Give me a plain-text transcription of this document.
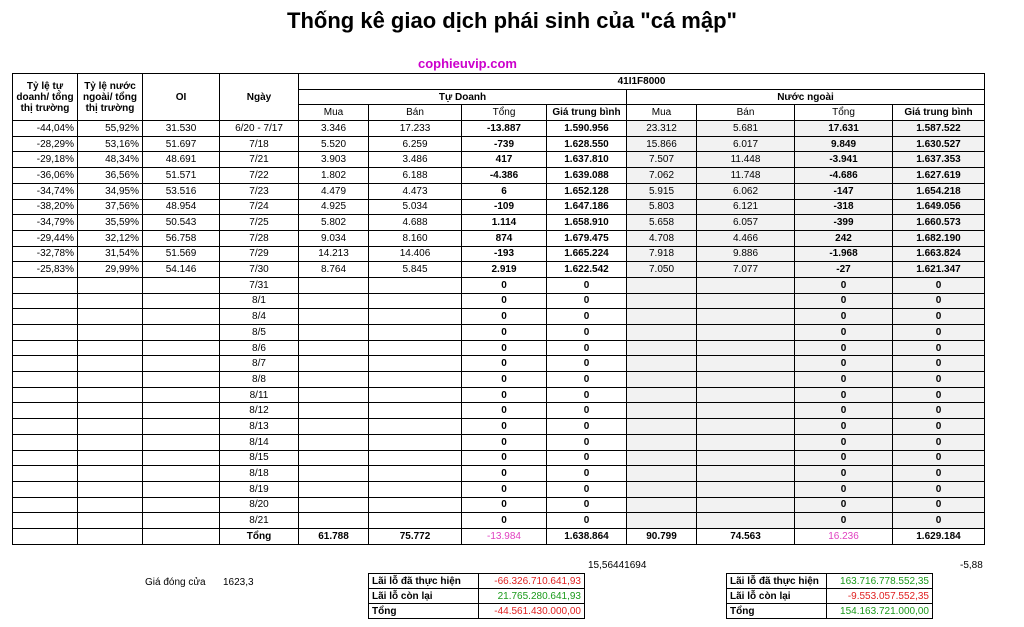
Thống kê giao dịch phái sinh của "cá mập"
cophieuvip.com
Tỷ lệ tự doanh/ tổng thị trường	Tỷ lệ nước ngoài/ tổng thị trường	OI	Ngày	41I1F8000							
				Tự Doanh				Nước ngoài			
				Mua	Bán	Tổng	Giá trung bình	Mua	Bán	Tổng	Giá trung bình
-44,04%	55,92%	31.530	6/20 - 7/17	3.346	17.233	-13.887	1.590.956	23.312	5.681	17.631	1.587.522
-28,29%	53,16%	51.697	7/18	5.520	6.259	-739	1.628.550	15.866	6.017	9.849	1.630.527
-29,18%	48,34%	48.691	7/21	3.903	3.486	417	1.637.810	7.507	11.448	-3.941	1.637.353
-36,06%	36,56%	51.571	7/22	1.802	6.188	-4.386	1.639.088	7.062	11.748	-4.686	1.627.619
-34,74%	34,95%	53.516	7/23	4.479	4.473	6	1.652.128	5.915	6.062	-147	1.654.218
-38,20%	37,56%	48.954	7/24	4.925	5.034	-109	1.647.186	5.803	6.121	-318	1.649.056
-34,79%	35,59%	50.543	7/25	5.802	4.688	1.114	1.658.910	5.658	6.057	-399	1.660.573
-29,44%	32,12%	56.758	7/28	9.034	8.160	874	1.679.475	4.708	4.466	242	1.682.190
-32,78%	31,54%	51.569	7/29	14.213	14.406	-193	1.665.224	7.918	9.886	-1.968	1.663.824
-25,83%	29,99%	54.146	7/30	8.764	5.845	2.919	1.622.542	7.050	7.077	-27	1.621.347
			7/31			0	0			0	0
			8/1			0	0			0	0
			8/4			0	0			0	0
			8/5			0	0			0	0
			8/6			0	0			0	0
			8/7			0	0			0	0
			8/8			0	0			0	0
			8/11			0	0			0	0
			8/12			0	0			0	0
			8/13			0	0			0	0
			8/14			0	0			0	0
			8/15			0	0			0	0
			8/18			0	0			0	0
			8/19			0	0			0	0
			8/20			0	0			0	0
			8/21			0	0			0	0
			Tổng	61.788	75.772	-13.984	1.638.864	90.799	74.563	16.236	1.629.184
15,56441694	-5,88
Giá đóng cửa 1623,3	Lãi lỗ đã thực hiện	-66.326.710.641,93
Lãi lỗ còn lại	21.765.280.641,93
Tổng	-44.561.430.000,00
Lãi lỗ đã thực hiện	163.716.778.552,35
Lãi lỗ còn lại	-9.553.057.552,35
Tổng	154.163.721.000,00
